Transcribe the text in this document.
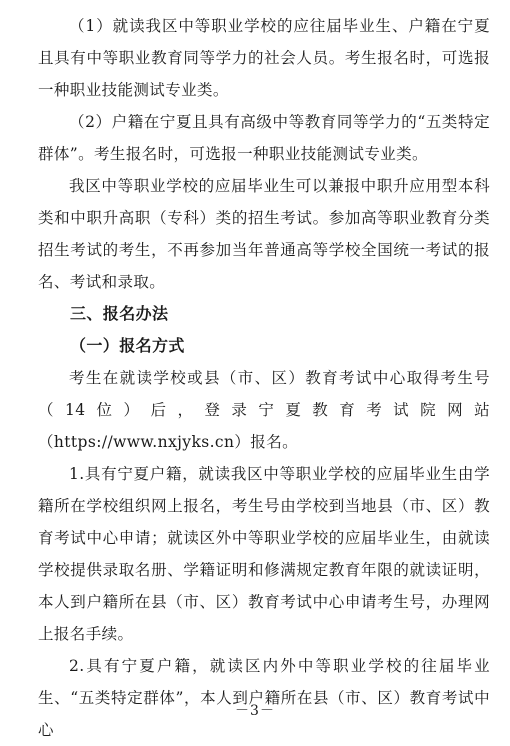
（1）就读我区中等职业学校的应往届毕业生、户籍在宁夏且具有中等职业教育同等学力的社会人员。考生报名时，可选报一种职业技能测试专业类。

（2）户籍在宁夏且具有高级中等教育同等学力的“五类特定群体”。考生报名时，可选报一种职业技能测试专业类。

我区中等职业学校的应届毕业生可以兼报中职升应用型本科类和中职升高职（专科）类的招生考试。参加高等职业教育分类招生考试的考生，不再参加当年普通高等学校全国统一考试的报名、考试和录取。

三、报名办法

（一）报名方式

考生在就读学校或县（市、区）教育考试中心取得考生号（14位）后，登录宁夏教育考试院网站（https://www.nxjyks.cn）报名。

1.具有宁夏户籍，就读我区中等职业学校的应届毕业生由学籍所在学校组织网上报名，考生号由学校到当地县（市、区）教育考试中心申请；就读区外中等职业学校的应届毕业生，由就读学校提供录取名册、学籍证明和修满规定教育年限的就读证明，本人到户籍所在县（市、区）教育考试中心申请考生号，办理网上报名手续。

2.具有宁夏户籍，就读区内外中等职业学校的往届毕业生、“五类特定群体”，本人到户籍所在县（市、区）教育考试中心

－3－
